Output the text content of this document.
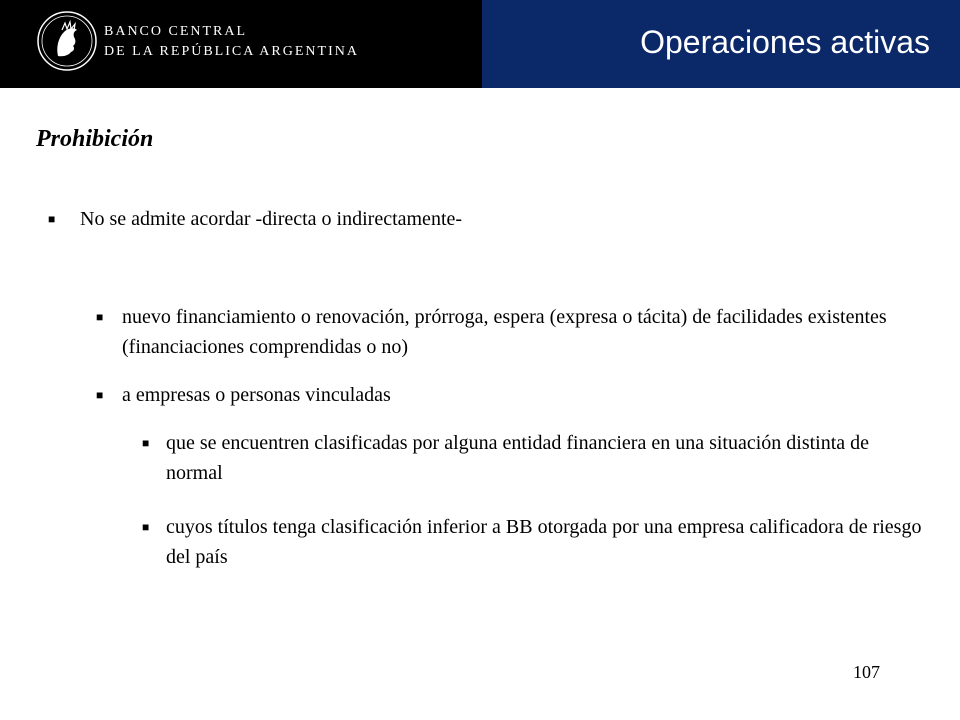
BANCO CENTRAL
DE LA REPÚBLICA ARGENTINA	Operaciones activas
Prohibición
■ No se admite acordar -directa o indirectamente-
■ nuevo financiamiento o renovación, prórroga, espera (expresa o tácita) de facilidades existentes (financiaciones comprendidas o no)
■ a empresas o personas vinculadas
■ que se encuentren clasificadas por alguna entidad financiera en una situación distinta de normal
■ cuyos títulos tenga clasificación inferior a BB otorgada por una empresa calificadora de riesgo del país
107
